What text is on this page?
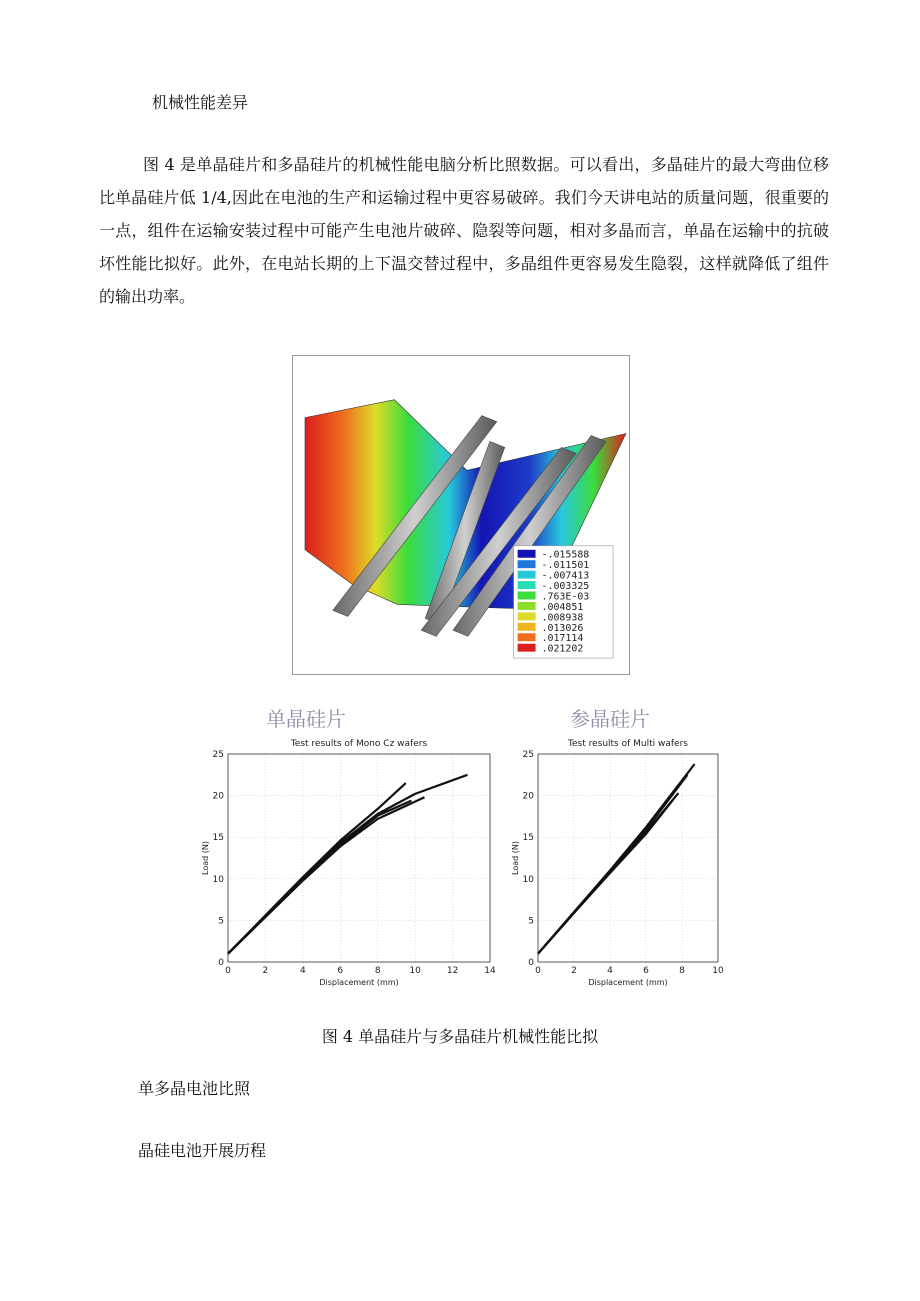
机械性能差异

图 4 是单晶硅片和多晶硅片的机械性能电脑分析比照数据。可以看出，多晶硅片的最大弯曲位移比单晶硅片低 1/4,因此在电池的生产和运输过程中更容易破碎。我们今天讲电站的质量问题，很重要的一点，组件在运输安装过程中可能产生电池片破碎、隐裂等问题，相对多晶而言，单晶在运输中的抗破坏性能比拟好。此外，在电站长期的上下温交替过程中，多晶组件更容易发生隐裂，这样就降低了组件的输出功率。

-.015588
-.011501
-.007413
-.003325
.763E-03
.004851
.008938
.013026
.017114
.021202
单晶硅片	参晶硅片
Test results of Mono Cz wafers
0	2	4	6	8	10	12	14
0
5
10
15
20
25
Displacement (mm)
Load (N)
Test results of Multi wafers
0	2	4	6	8	10
0
5
10
15
20
25
Displacement (mm)
Load (N)
图 4 单晶硅片与多晶硅片机械性能比拟
单多晶电池比照
晶硅电池开展历程
